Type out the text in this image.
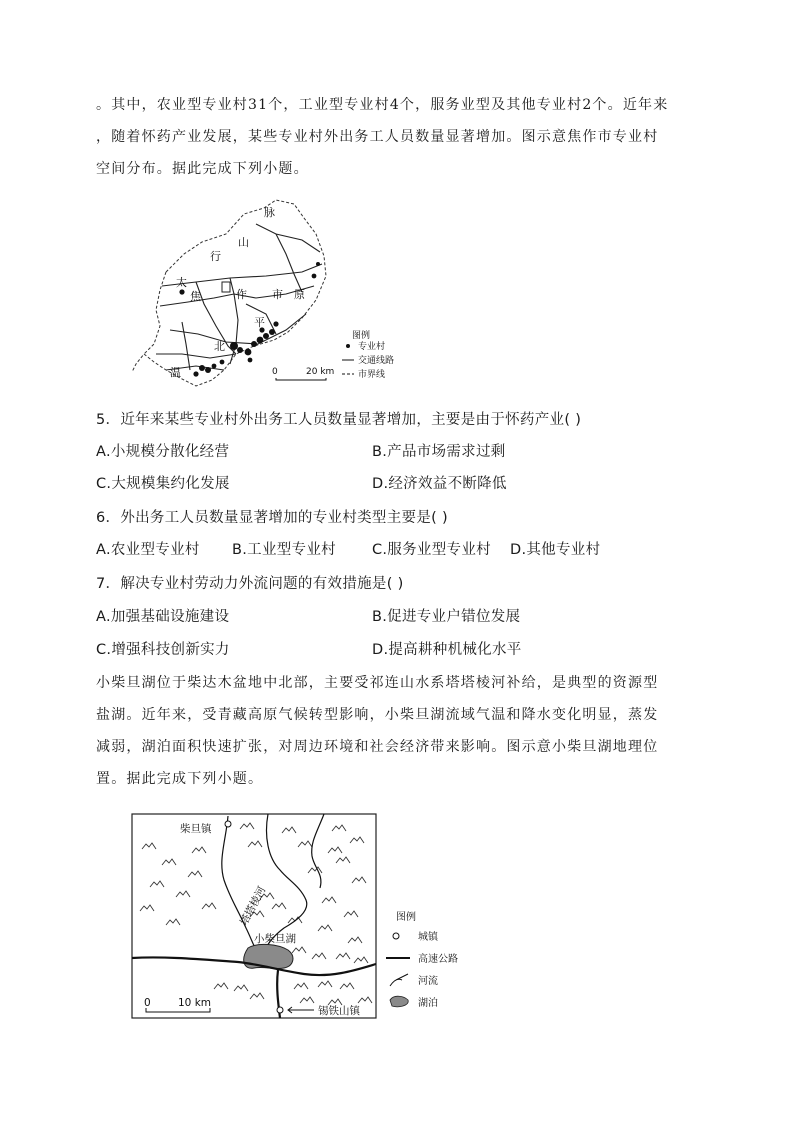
。其中，农业型专业村31个，工业型专业村4个，服务业型及其他专业村2个。近年来
，随着怀药产业发展，某些专业村外出务工人员数量显著增加。图示意焦作市专业村
空间分布。据此完成下列小题。
太
行
山
脉
焦	作 市 原
北
平
温
图例
专业村
交通线路
市界线
0	20 km
5．近年来某些专业村外出务工人员数量显著增加，主要是由于怀药产业( )
A.小规模分散化经营	B.产品市场需求过剩
C.大规模集约化发展	D.经济效益不断降低
6．外出务工人员数量显著增加的专业村类型主要是( )
A.农业型专业村 B.工业型专业村 C.服务业型专业村 D.其他专业村
7．解决专业村劳动力外流问题的有效措施是( )
A.加强基础设施建设	B.促进专业户错位发展
C.增强科技创新实力	D.提高耕种机械化水平
小柴旦湖位于柴达木盆地中北部，主要受祁连山水系塔塔棱河补给，是典型的资源型
盐湖。近年来，受青藏高原气候转型影响，小柴旦湖流域气温和降水变化明显，蒸发
减弱，湖泊面积快速扩张，对周边环境和社会经济带来影响。图示意小柴旦湖地理位
置。据此完成下列小题。
柴旦镇
塔塔棱河
小柴旦湖
锡铁山镇
0	10 km
图例
城镇
高速公路
河流
湖泊
